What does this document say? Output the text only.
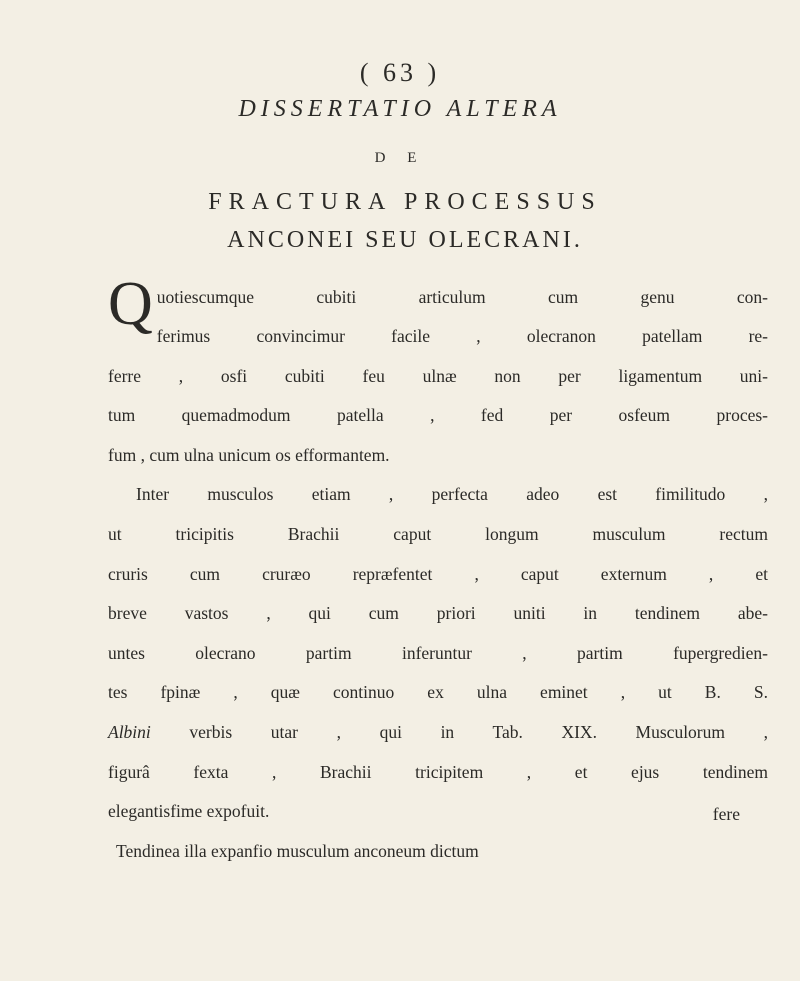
( 63 )
DISSERTATIO ALTERA
D E
FRACTURA PROCESSUS
ANCONEI SEU OLECRANI.
Quotiescumque cubiti articulum cum genu con-
ferimus convincimur facile , olecranon patellam re-
ferre , osfi cubiti feu ulnæ non per ligamentum uni-
tum quemadmodum patella , fed per osfeum proces-
fum , cum ulna unicum os efformantem.
Inter musculos etiam , perfecta adeo est fimilitudo ,
ut tricipitis Brachii caput longum musculum rectum
cruris cum cruræo repræfentet , caput externum , et
breve vastos , qui cum priori uniti in tendinem abe-
untes olecrano partim inferuntur , partim fupergredien-
tes fpinæ , quæ continuo ex ulna eminet , ut B. S.
Albini verbis utar , qui in Tab. XIX. Musculorum ,
figurâ fexta , Brachii tricipitem , et ejus tendinem
elegantisfime expofuit.
Tendinea illa expanfio musculum anconeum dictum
fere
